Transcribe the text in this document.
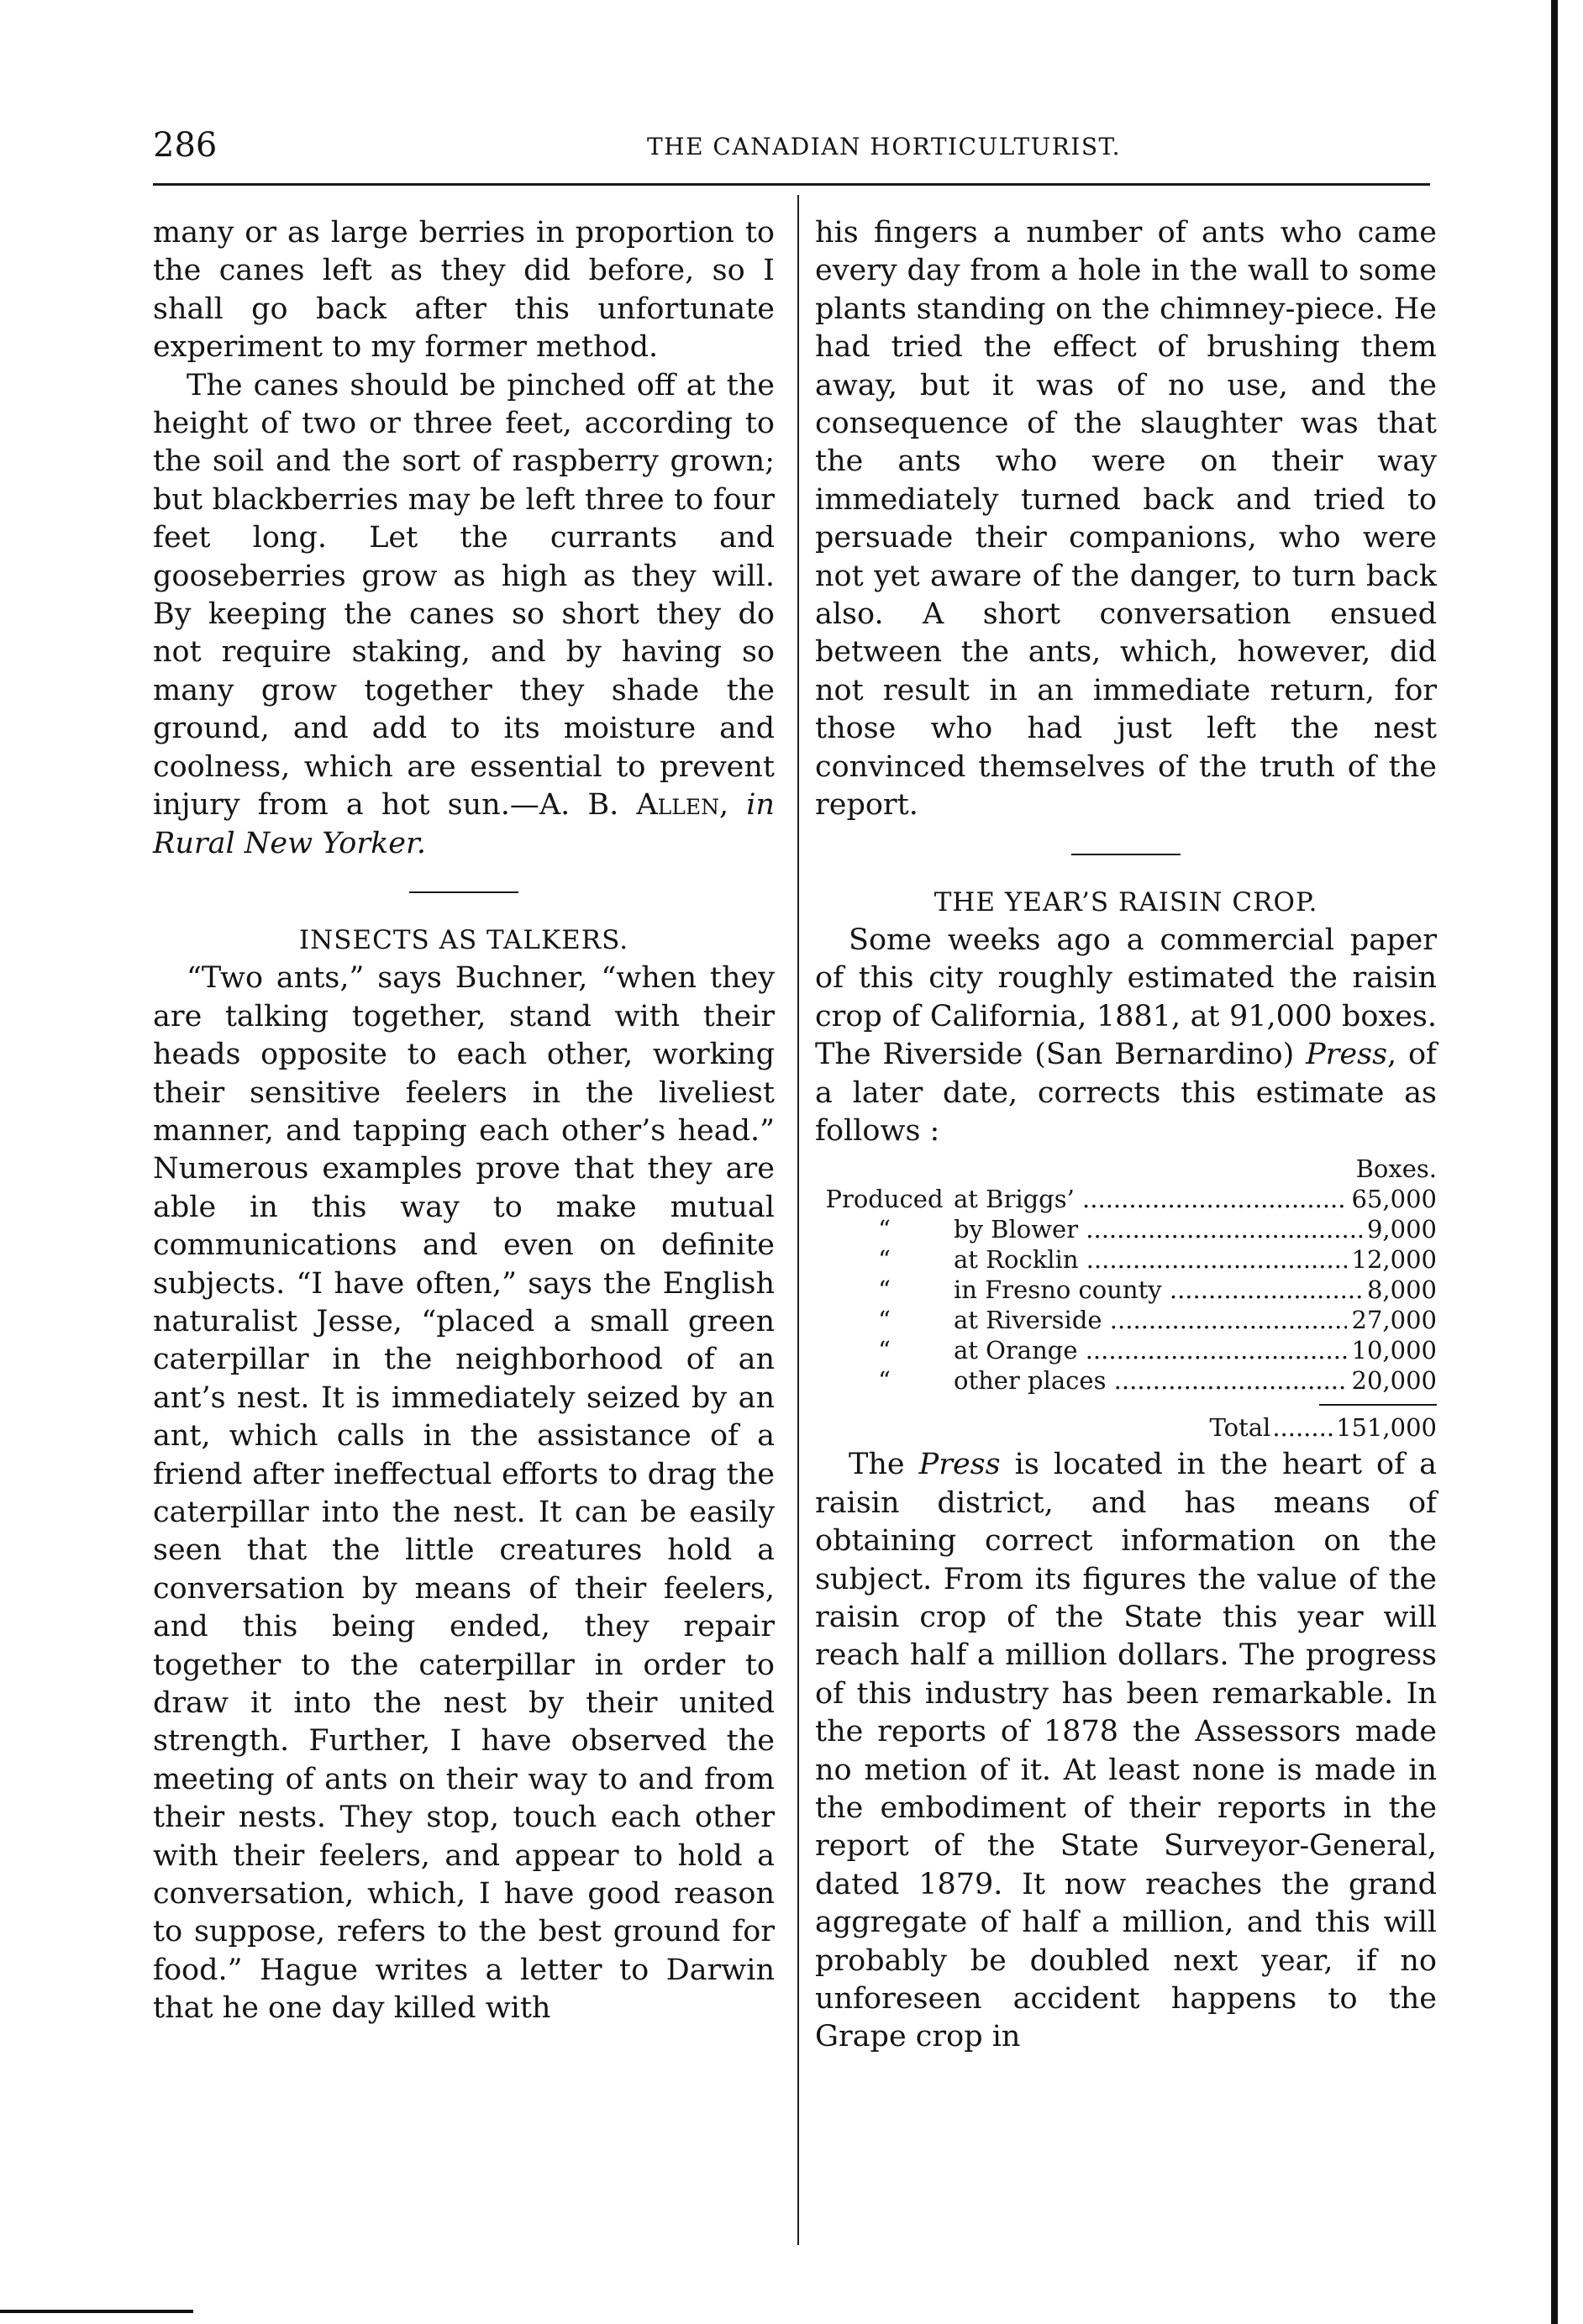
286	THE CANADIAN HORTICULTURIST.

many or as large berries in proportion to the canes left as they did before, so I shall go back after this unfortunate experiment to my former method.

The canes should be pinched off at the height of two or three feet, according to the soil and the sort of raspberry grown; but blackberries may be left three to four feet long. Let the currants and gooseberries grow as high as they will. By keeping the canes so short they do not require staking, and by having so many grow together they shade the ground, and add to its moisture and coolness, which are essential to prevent injury from a hot sun.—A. B. Allen, in Rural New Yorker.

INSECTS AS TALKERS.

“Two ants,” says Buchner, “when they are talking together, stand with their heads opposite to each other, working their sensitive feelers in the liveliest manner, and tapping each other’s head.” Numerous examples prove that they are able in this way to make mutual communications and even on definite subjects. “I have often,” says the English naturalist Jesse, “placed a small green caterpillar in the neighborhood of an ant’s nest. It is immediately seized by an ant, which calls in the assistance of a friend after ineffectual efforts to drag the caterpillar into the nest. It can be easily seen that the little creatures hold a conversation by means of their feelers, and this being ended, they repair together to the caterpillar in order to draw it into the nest by their united strength. Further, I have observed the meeting of ants on their way to and from their nests. They stop, touch each other with their feelers, and appear to hold a conversation, which, I have good reason to suppose, refers to the best ground for food.” Hague writes a letter to Darwin that he one day killed with

his fingers a number of ants who came every day from a hole in the wall to some plants standing on the chimney-piece. He had tried the effect of brushing them away, but it was of no use, and the consequence of the slaughter was that the ants who were on their way immediately turned back and tried to persuade their companions, who were not yet aware of the danger, to turn back also. A short conversation ensued between the ants, which, however, did not result in an immediate return, for those who had just left the nest convinced themselves of the truth of the report.

THE YEAR’S RAISIN CROP.

Some weeks ago a commercial paper of this city roughly estimated the raisin crop of California, 1881, at 91,000 boxes. The Riverside (San Bernardino) Press, of a later date, corrects this estimate as follows :

Boxes.
Produced at Briggs’ .....	65,000
“	by Blower .....	9,000
“	at Rocklin .....	12,000
“	in Fresno county .....	8,000
“	at Riverside .....	27,000
“	at Orange .....	10,000
“	other places .....	20,000
Total ........ 151,000

The Press is located in the heart of a raisin district, and has means of obtaining correct information on the subject. From its figures the value of the raisin crop of the State this year will reach half a million dollars. The progress of this industry has been remarkable. In the reports of 1878 the Assessors made no metion of it. At least none is made in the embodiment of their reports in the report of the State Surveyor-General, dated 1879. It now reaches the grand aggregate of half a million, and this will probably be doubled next year, if no unforeseen accident happens to the Grape crop in
